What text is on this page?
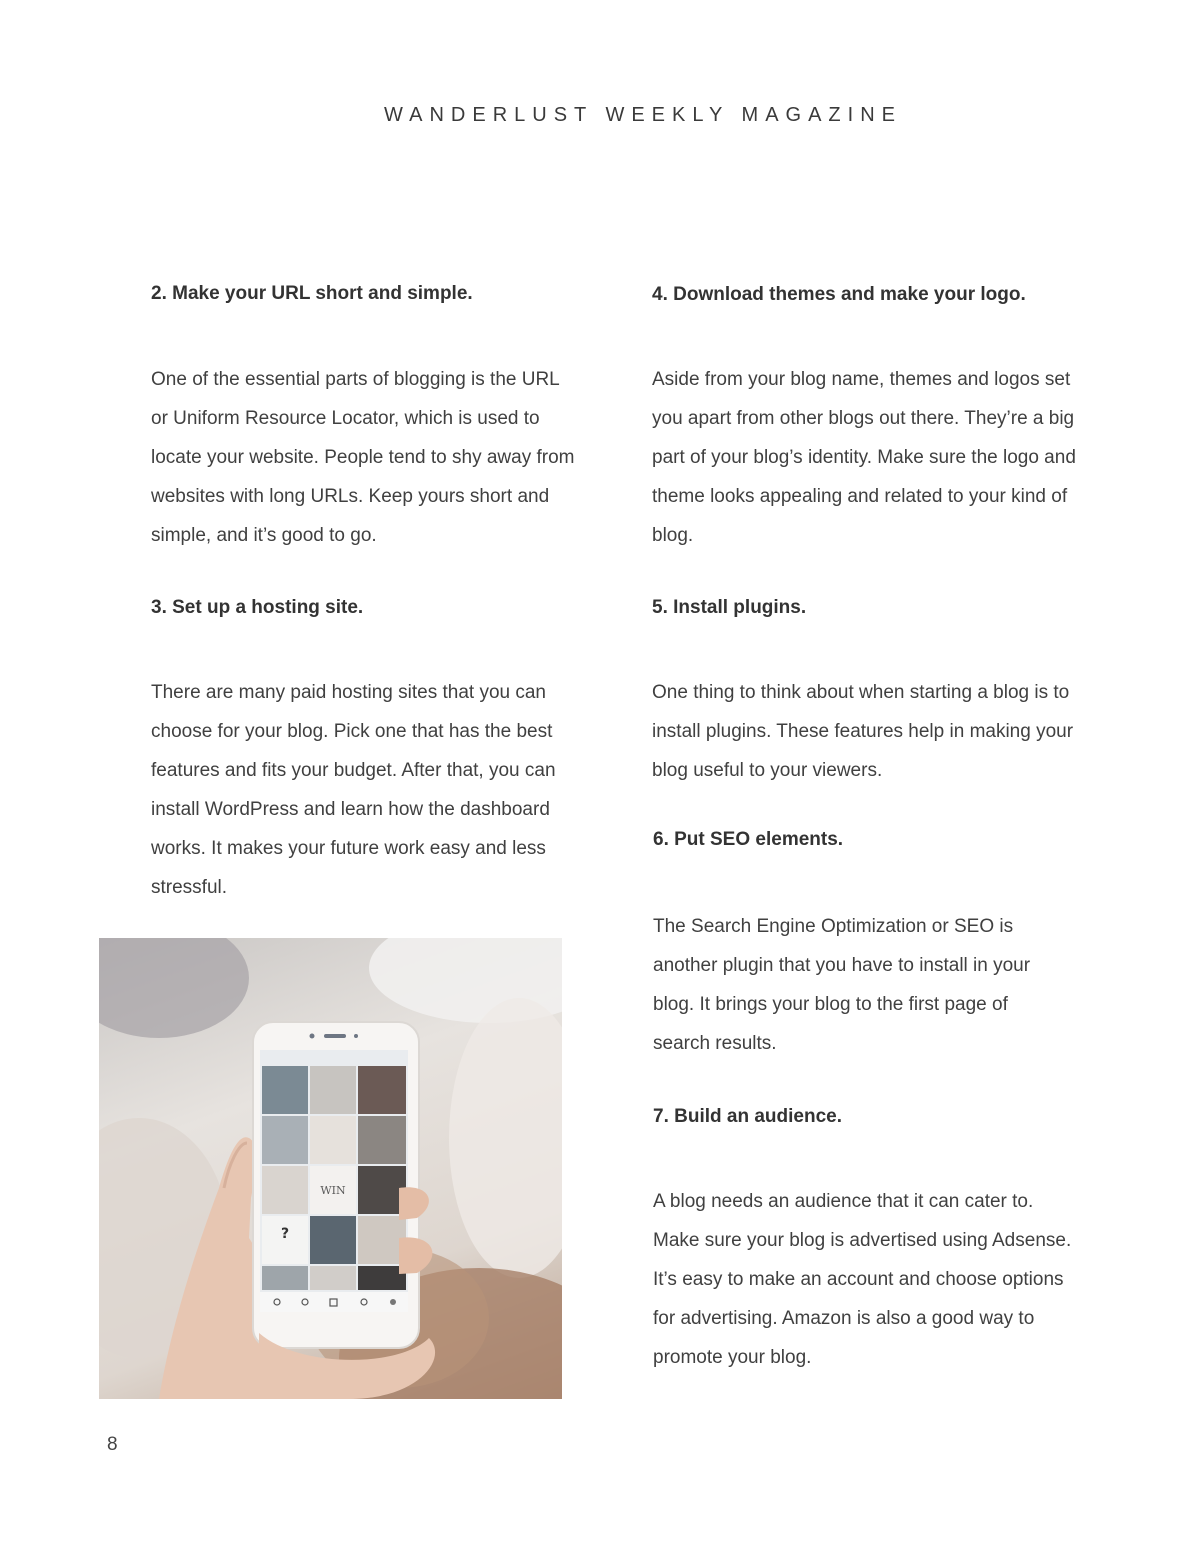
WANDERLUST WEEKLY MAGAZINE
2. Make your URL short and simple.

One of the essential parts of blogging is the URL or Uniform Resource Locator, which is used to locate your website. People tend to shy away from websites with long URLs. Keep yours short and simple, and it’s good to go.

3. Set up a hosting site.

There are many paid hosting sites that you can choose for your blog. Pick one that has the best features and fits your budget. After that, you can install WordPress and learn how the dashboard works. It makes your future work easy and less stressful.

4. Download themes and make your logo.

Aside from your blog name, themes and logos set you apart from other blogs out there. They’re a big part of your blog’s identity. Make sure the logo and theme looks appealing and related to your kind of blog.

5. Install plugins.

One thing to think about when starting a blog is to install plugins. These features help in making your blog useful to your viewers.

6. Put SEO elements.

The Search Engine Optimization or SEO is another plugin that you have to install in your blog. It brings your blog to the first page of search results.

7. Build an audience.

A blog needs an audience that it can cater to. Make sure your blog is advertised using Adsense. It’s easy to make an account and choose options for advertising. Amazon is also a good way to promote your blog.

WIN
?
8
